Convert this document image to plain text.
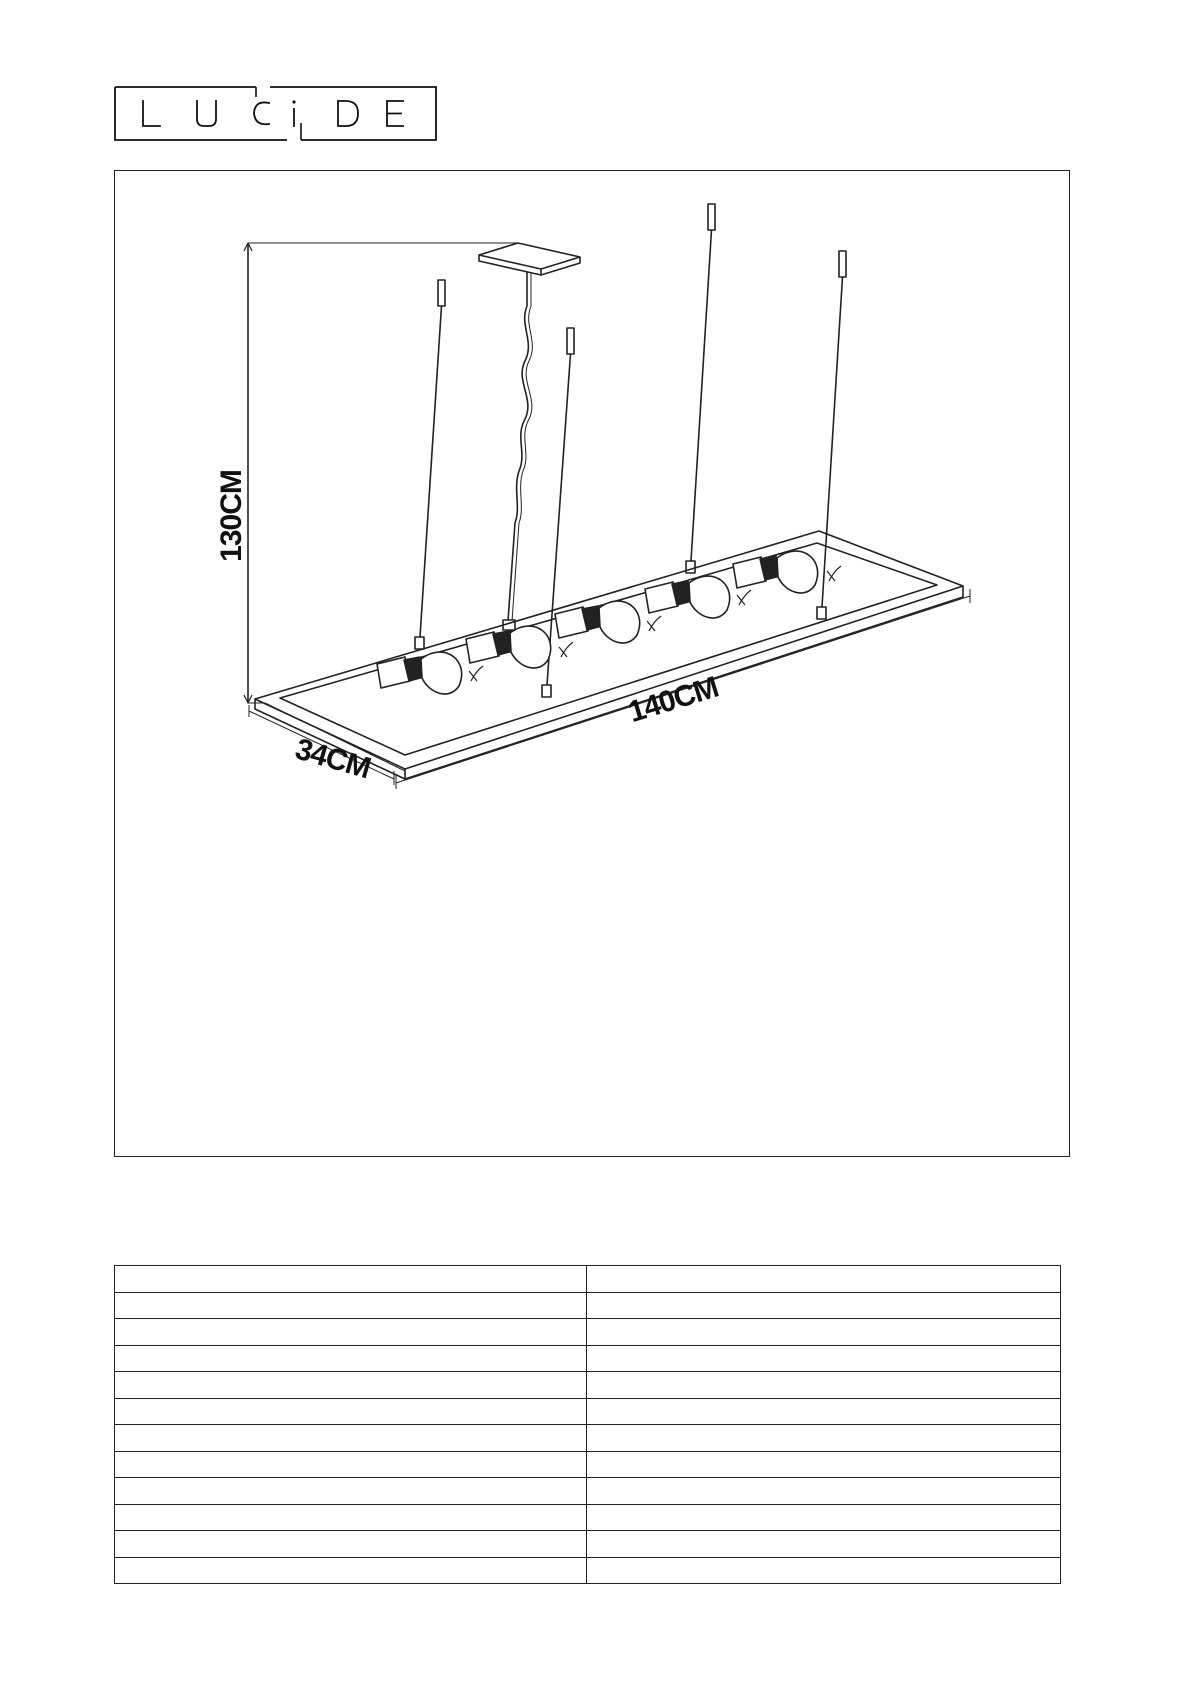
130CM
140CM
34CM
